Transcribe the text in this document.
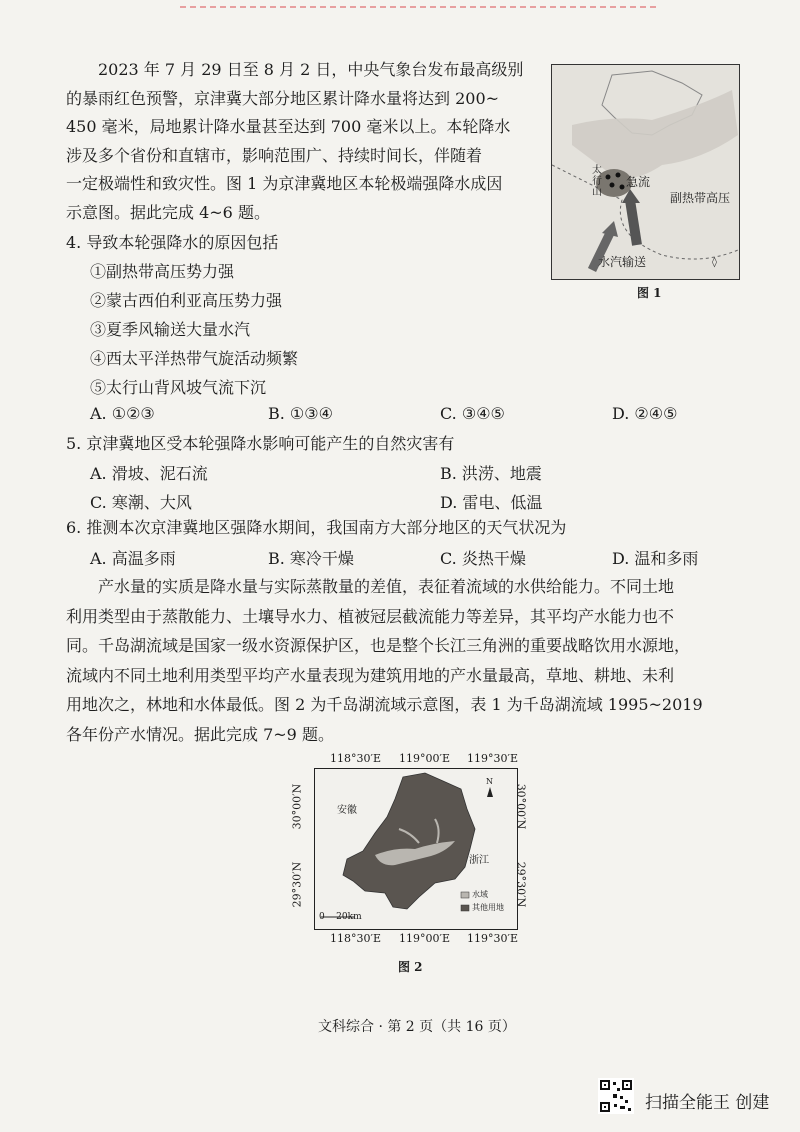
2023 年 7 月 29 日至 8 月 2 日，中央气象台发布最高级别
的暴雨红色预警，京津冀大部分地区累计降水量将达到 200~
450 毫米，局地累计降水量甚至达到 700 毫米以上。本轮降水
涉及多个省份和直辖市，影响范围广、持续时间长，伴随着
一定极端性和致灾性。图 1 为京津冀地区本轮极端强降水成因
示意图。据此完成 4~6 题。
◊
太行山
急流
副热带高压
水汽输送
图 1
4. 导致本轮强降水的原因包括
①副热带高压势力强
②蒙古西伯利亚高压势力强
③夏季风输送大量水汽
④西太平洋热带气旋活动频繁
⑤太行山背风坡气流下沉
A. ①②③	B. ①③④	C. ③④⑤	D. ②④⑤
5. 京津冀地区受本轮强降水影响可能产生的自然灾害有
A. 滑坡、泥石流	B. 洪涝、地震
C. 寒潮、大风	D. 雷电、低温
6. 推测本次京津冀地区强降水期间，我国南方大部分地区的天气状况为
A. 高温多雨	B. 寒冷干燥	C. 炎热干燥	D. 温和多雨
产水量的实质是降水量与实际蒸散量的差值，表征着流域的水供给能力。不同土地
利用类型由于蒸散能力、土壤导水力、植被冠层截流能力等差异，其平均产水能力也不
同。千岛湖流域是国家一级水资源保护区，也是整个长江三角洲的重要战略饮用水源地，
流域内不同土地利用类型平均产水量表现为建筑用地的产水量最高，草地、耕地、未利
用地次之，林地和水体最低。图 2 为千岛湖流域示意图，表 1 为千岛湖流域 1995~2019
各年份产水情况。据此完成 7~9 题。
安徽
浙江
N
水域
其他用地
0    20km
118°30′E 119°00′E 119°30′E
118°30′E 119°00′E 119°30′E
30°00′N
29°30′N
30°00′N
29°30′N
图 2
文科综合 · 第 2 页（共 16 页）
扫描全能王 创建
